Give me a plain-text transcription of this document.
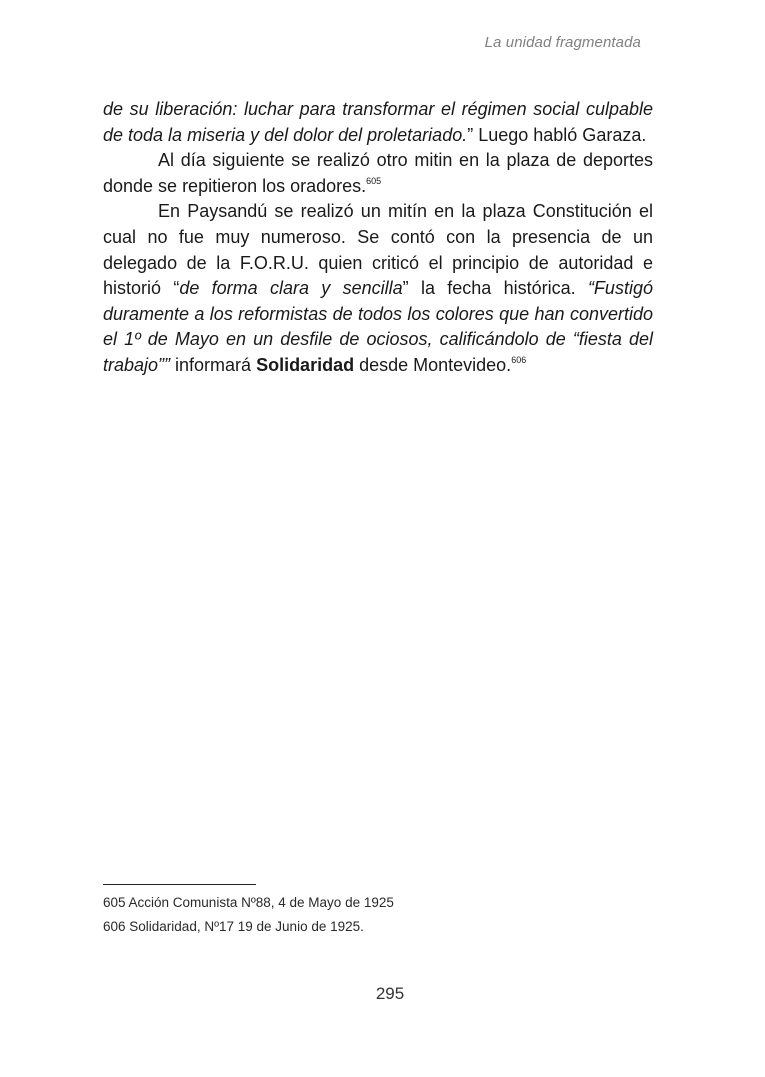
La unidad fragmentada

de su liberación: luchar para transformar el régimen social culpable de toda la miseria y del dolor del proletariado.” Luego habló Garaza.

Al día siguiente se realizó otro mitin en la plaza de deportes donde se repitieron los oradores.$^{605}$

En Paysandú se realizó un mitín en la plaza Constitución el cual no fue muy numeroso. Se contó con la presencia de un delegado de la F.O.R.U. quien criticó el principio de autoridad e historió “de forma clara y sencilla” la fecha histórica. “Fustigó duramente a los reformistas de todos los colores que han convertido el 1º de Mayo en un desfile de ociosos, calificándolo de “fiesta del trabajo”” informará Solidaridad desde Montevideo.$^{606}$

605 Acción Comunista Nº88, 4 de Mayo de 1925
606 Solidaridad, Nº17 19 de Junio de 1925.
295
